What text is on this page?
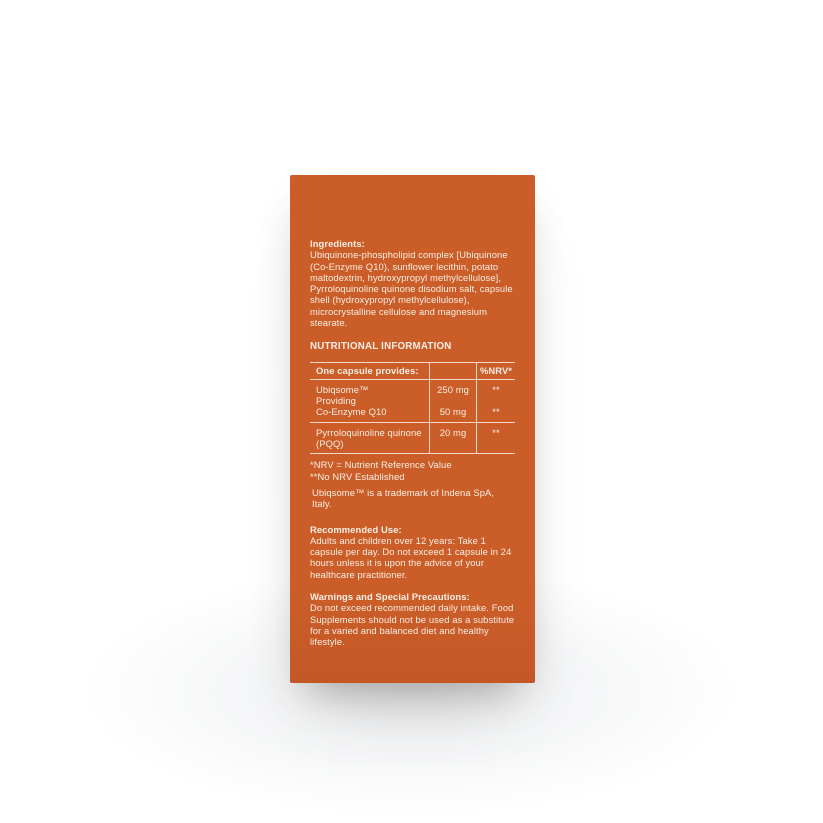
Ingredients:

Ubiquinone-phospholipid complex [Ubiquinone (Co-Enzyme Q10), sunflower lecithin, potato maltodextrin, hydroxypropyl methylcellulose], Pyrroloquinoline quinone disodium salt, capsule shell (hydroxypropyl methylcellulose), microcrystalline cellulose and magnesium stearate.

NUTRITIONAL INFORMATION
One capsule provides:	%NRV*
Ubiqsome™
Providing
Co-Enzyme Q10
250 mg
50 mg
**
**
Pyrroloquinoline quinone
(PQQ)
20 mg	**
*NRV = Nutrient Reference Value
**No NRV Established
Ubiqsome™ is a trademark of Indena SpA, Italy.
Recommended Use:

Adults and children over 12 years: Take 1 capsule per day. Do not exceed 1 capsule in 24 hours unless it is upon the advice of your healthcare practitioner.

Warnings and Special Precautions:

Do not exceed recommended daily intake. Food Supplements should not be used as a substitute for a varied and balanced diet and healthy lifestyle.
